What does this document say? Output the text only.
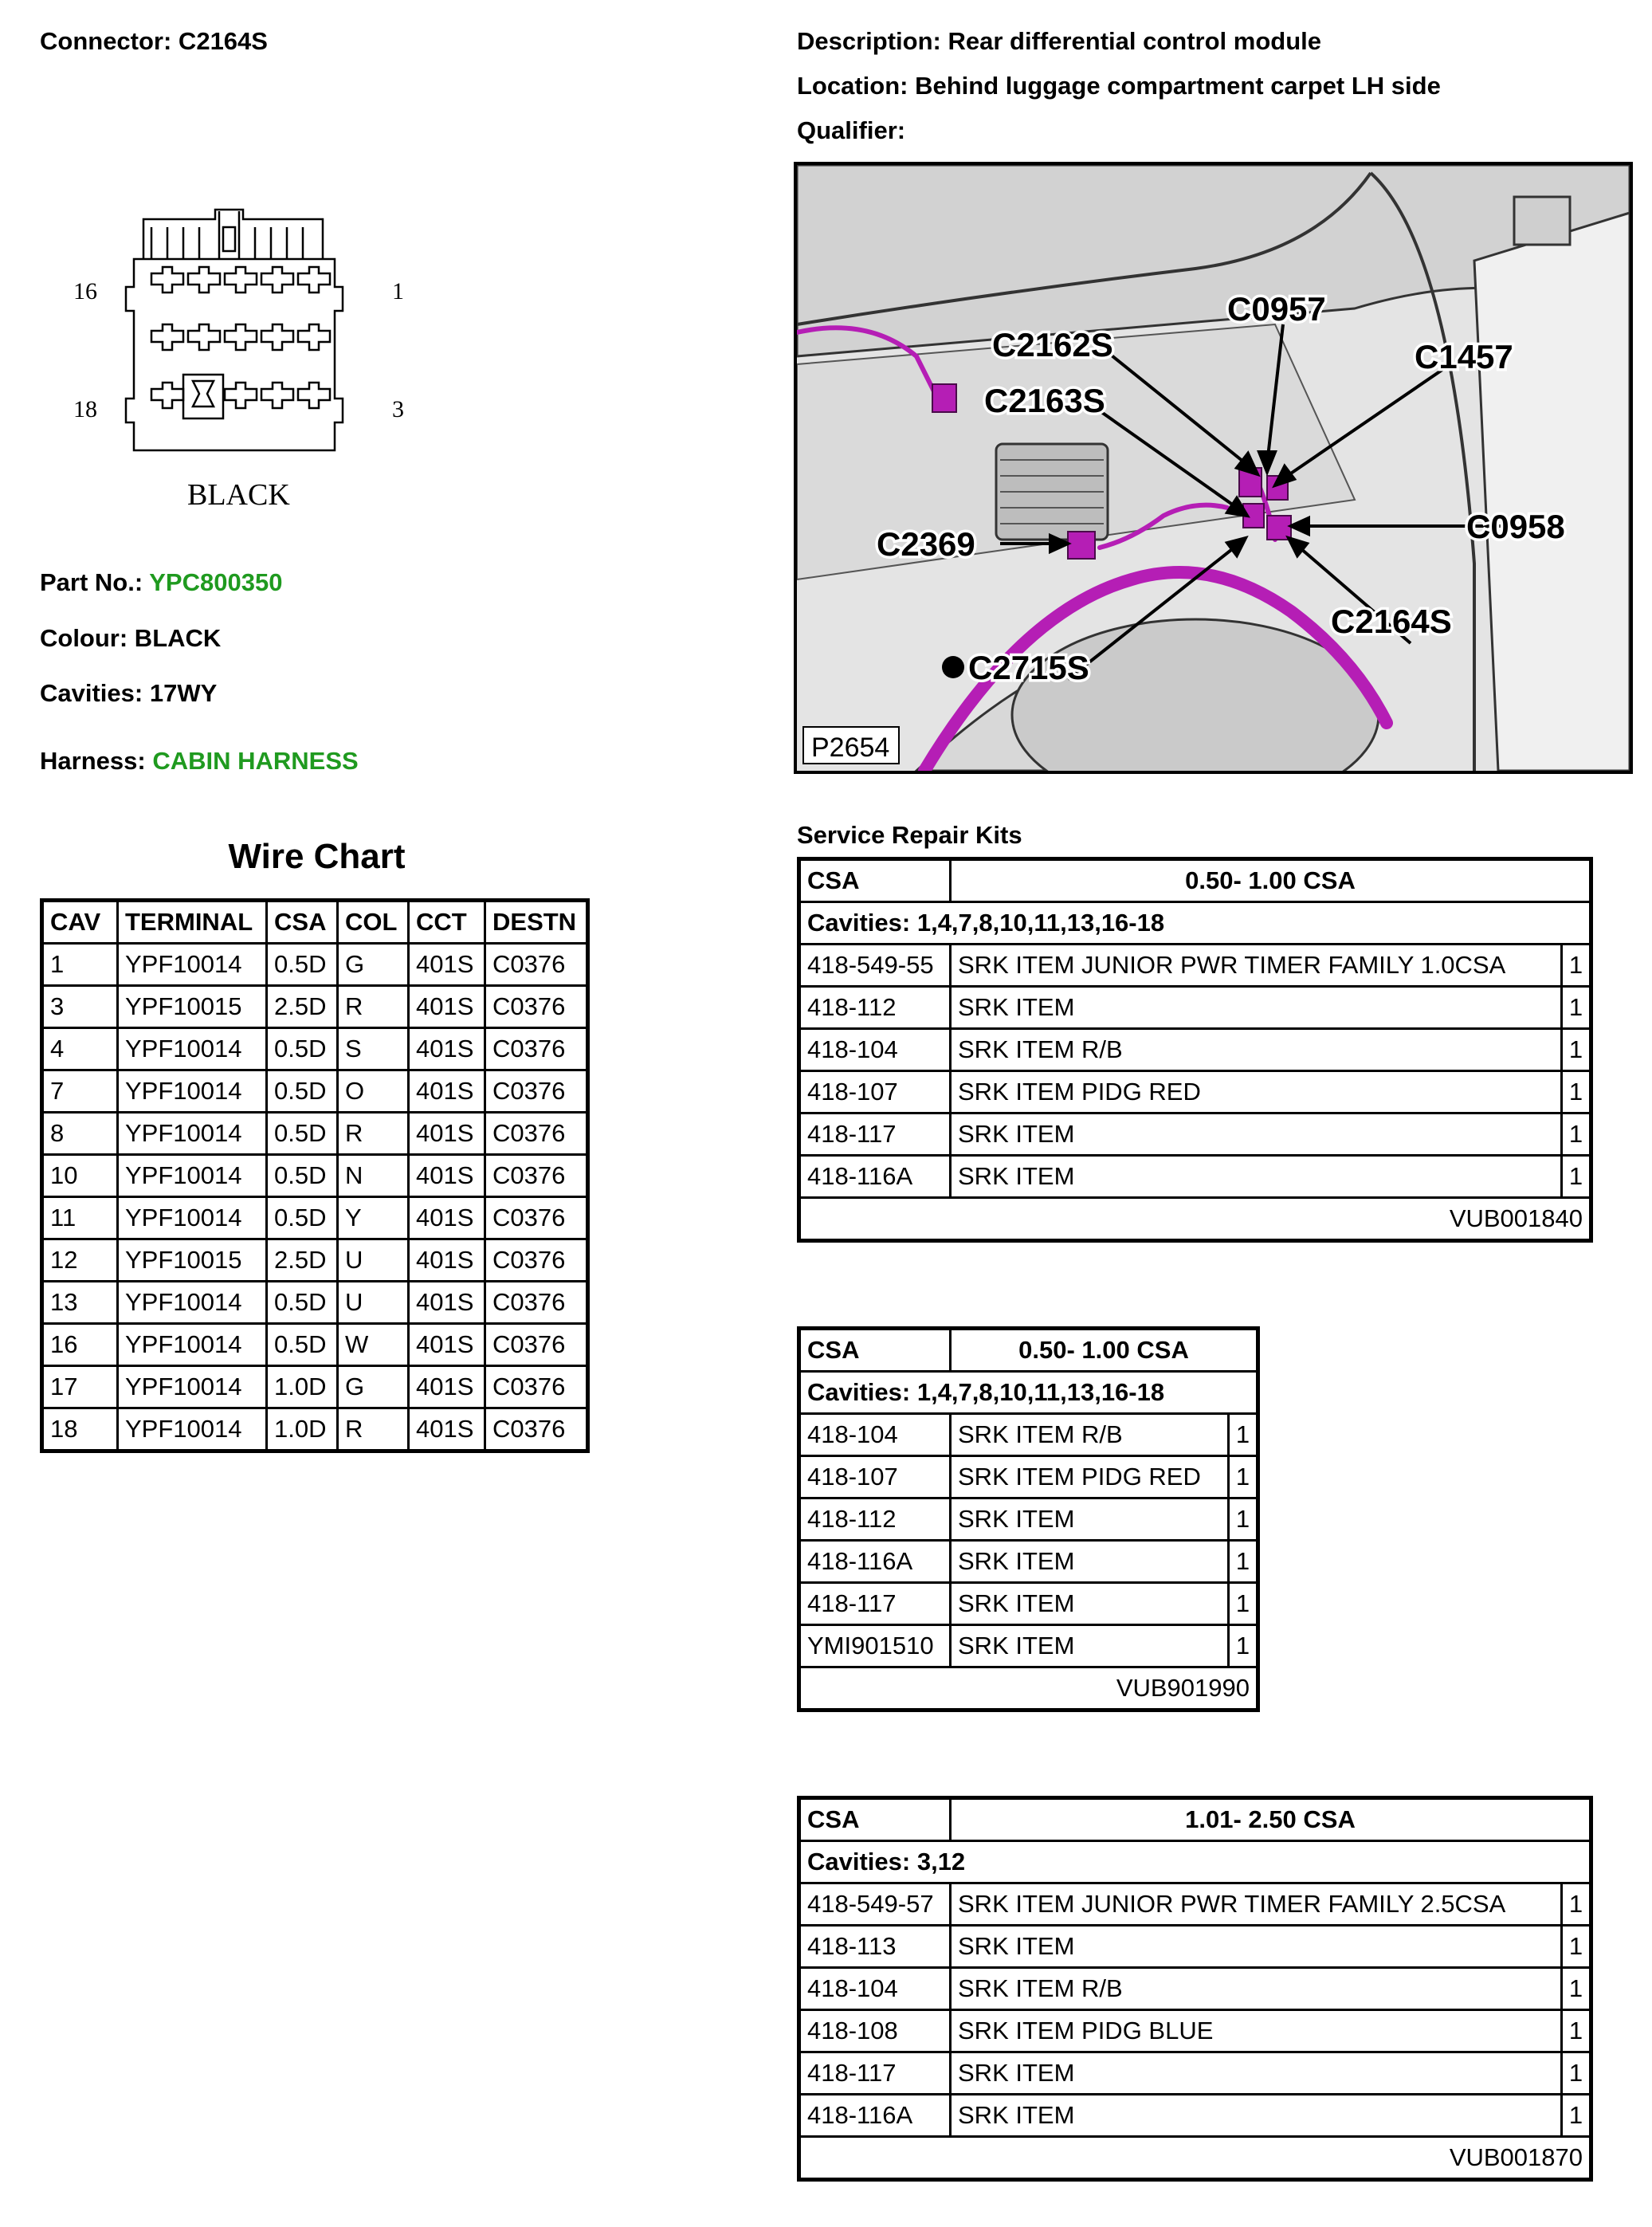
Connector: C2164S	Description: Rear differential control module
Location: Behind luggage compartment carpet LH side
Qualifier:
16	1
18	3
BLACK
Part No.: YPC800350
Colour: BLACK
Cavities: 17WY
Harness: CABIN HARNESS
C0957
C2162S	C1457
C2163S
C0958
C2369
C2164S
C2715S
P2654
Wire Chart
CAV	TERMINAL	CSA	COL	CCT	DESTN
1	YPF10014	0.5D	G	401S	C0376
3	YPF10015	2.5D	R	401S	C0376
4	YPF10014	0.5D	S	401S	C0376
7	YPF10014	0.5D	O	401S	C0376
8	YPF10014	0.5D	R	401S	C0376
10	YPF10014	0.5D	N	401S	C0376
11	YPF10014	0.5D	Y	401S	C0376
12	YPF10015	2.5D	U	401S	C0376
13	YPF10014	0.5D	U	401S	C0376
16	YPF10014	0.5D	W	401S	C0376
17	YPF10014	1.0D	G	401S	C0376
18	YPF10014	1.0D	R	401S	C0376
Service Repair Kits
CSA	0.50- 1.00 CSA	
Cavities: 1,4,7,8,10,11,13,16-18		
418-549-55	SRK ITEM JUNIOR PWR TIMER FAMILY 1.0CSA	1
418-112	SRK ITEM	1
418-104	SRK ITEM R/B	1
418-107	SRK ITEM PIDG RED	1
418-117	SRK ITEM	1
418-116A	SRK ITEM	1
VUB001840		
CSA	0.50- 1.00 CSA	
Cavities: 1,4,7,8,10,11,13,16-18		
418-104	SRK ITEM R/B	1
418-107	SRK ITEM PIDG RED	1
418-112	SRK ITEM	1
418-116A	SRK ITEM	1
418-117	SRK ITEM	1
YMI901510	SRK ITEM	1
VUB901990		
CSA	1.01- 2.50 CSA	
Cavities: 3,12		
418-549-57	SRK ITEM JUNIOR PWR TIMER FAMILY 2.5CSA	1
418-113	SRK ITEM	1
418-104	SRK ITEM R/B	1
418-108	SRK ITEM PIDG BLUE	1
418-117	SRK ITEM	1
418-116A	SRK ITEM	1
VUB001870		
